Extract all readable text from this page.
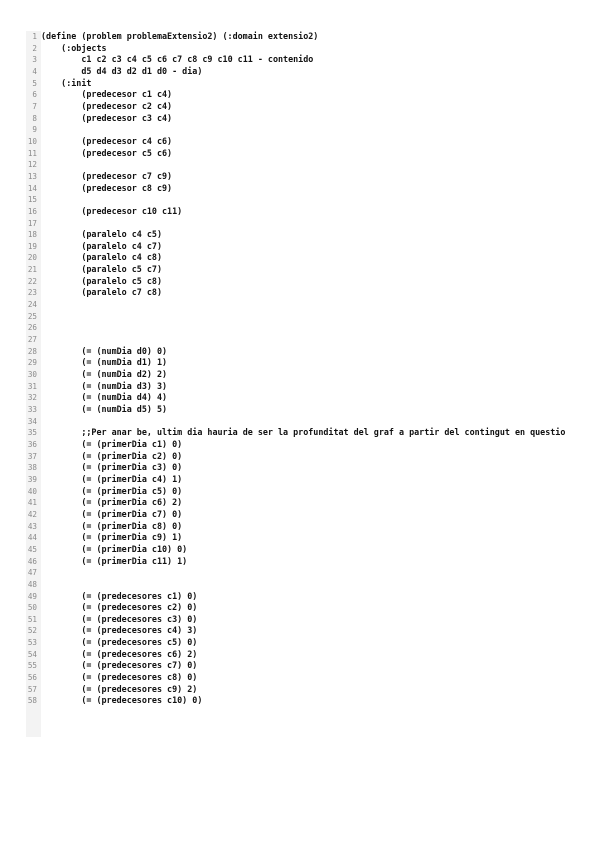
1 (define (problem problemaExtensio2) (:domain extensio2)
2 (:objects
3 c1 c2 c3 c4 c5 c6 c7 c8 c9 c10 c11 - contenido
4 d5 d4 d3 d2 d1 d0 - dia)
5 (:init
6 (predecesor c1 c4)
7 (predecesor c2 c4)
8 (predecesor c3 c4)
9
10 (predecesor c4 c6)
11 (predecesor c5 c6)
12
13 (predecesor c7 c9)
14 (predecesor c8 c9)
15
16 (predecesor c10 c11)
17
18 (paralelo c4 c5)
19 (paralelo c4 c7)
20 (paralelo c4 c8)
21 (paralelo c5 c7)
22 (paralelo c5 c8)
23 (paralelo c7 c8)
24
25
26
27
28 (= (numDia d0) 0)
29 (= (numDia d1) 1)
30 (= (numDia d2) 2)
31 (= (numDia d3) 3)
32 (= (numDia d4) 4)
33 (= (numDia d5) 5)
34
35 ;;Per anar be, ultim dia hauria de ser la profunditat del graf a partir del contingut en questio
36 (= (primerDia c1) 0)
37 (= (primerDia c2) 0)
38 (= (primerDia c3) 0)
39 (= (primerDia c4) 1)
40 (= (primerDia c5) 0)
41 (= (primerDia c6) 2)
42 (= (primerDia c7) 0)
43 (= (primerDia c8) 0)
44 (= (primerDia c9) 1)
45 (= (primerDia c10) 0)
46 (= (primerDia c11) 1)
47
48
49 (= (predecesores c1) 0)
50 (= (predecesores c2) 0)
51 (= (predecesores c3) 0)
52 (= (predecesores c4) 3)
53 (= (predecesores c5) 0)
54 (= (predecesores c6) 2)
55 (= (predecesores c7) 0)
56 (= (predecesores c8) 0)
57 (= (predecesores c9) 2)
58 (= (predecesores c10) 0)
